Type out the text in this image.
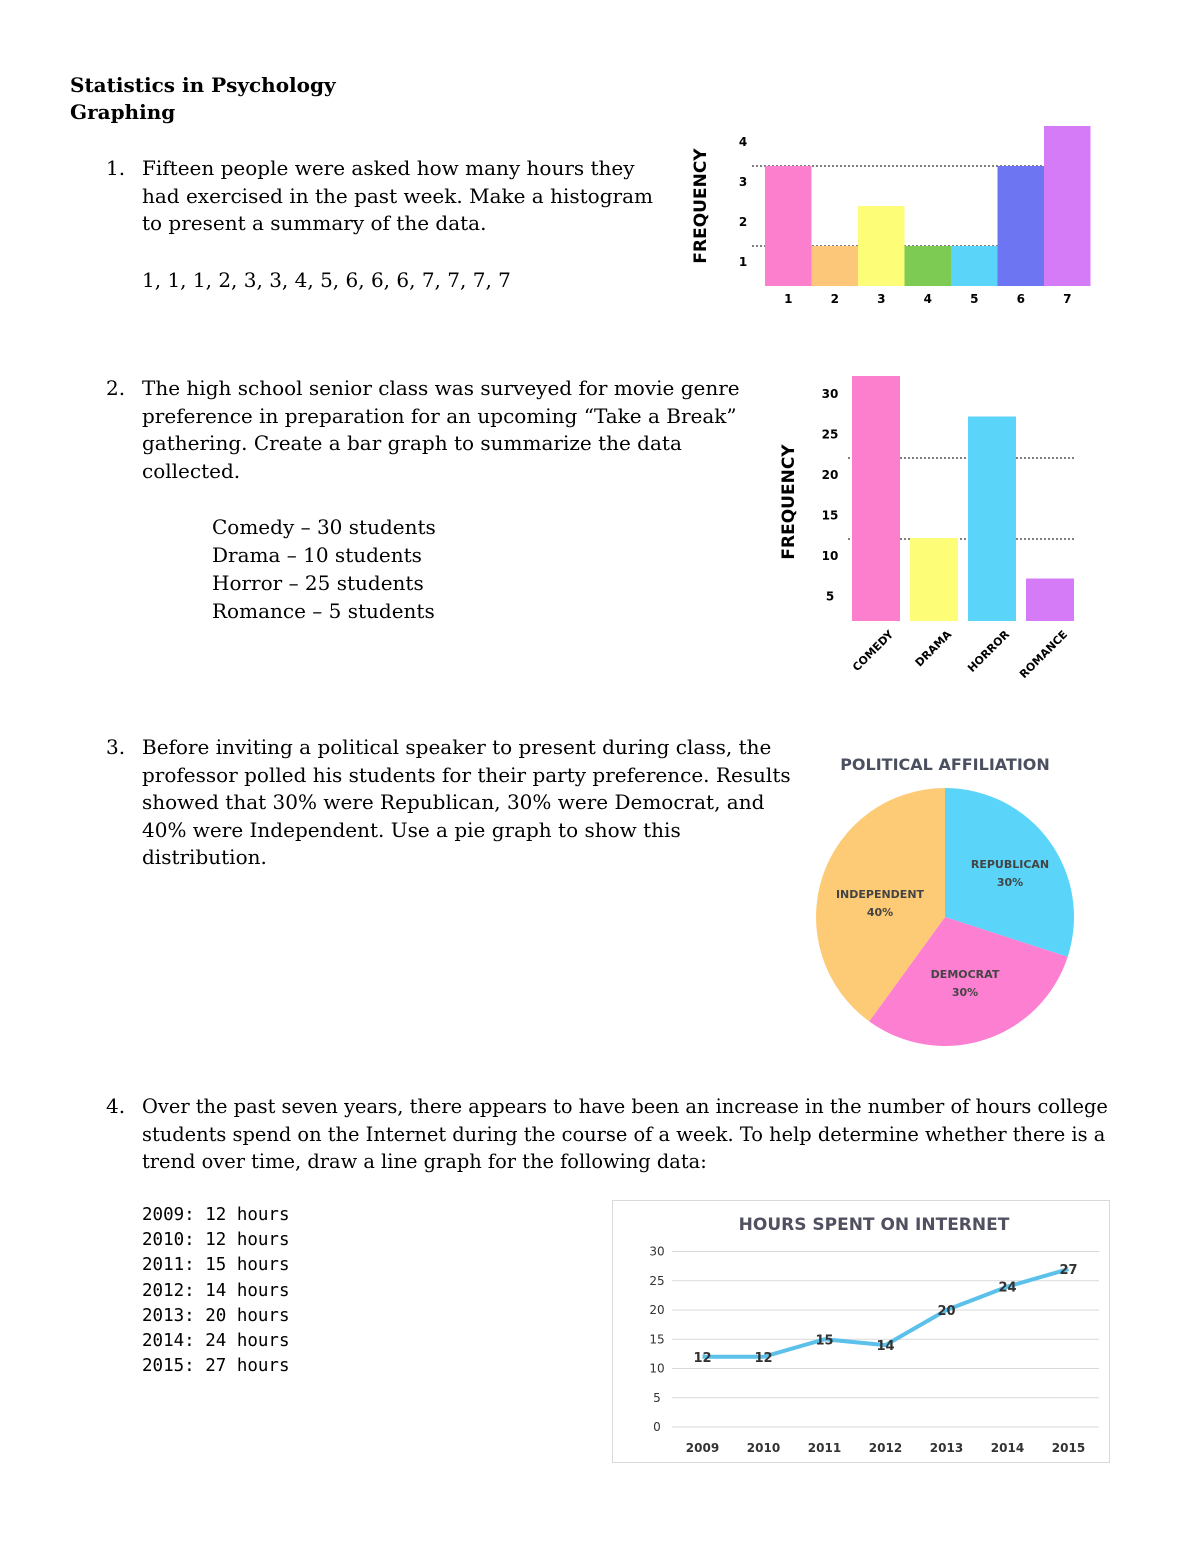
Statistics in Psychology
Graphing
1. Fifteen people were asked how many hours they
had exercised in the past week. Make a histogram
to present a summary of the data.
1, 1, 1, 2, 3, 3, 4, 5, 6, 6, 6, 7, 7, 7, 7
2. The high school senior class was surveyed for movie genre
preference in preparation for an upcoming “Take a Break”
gathering. Create a bar graph to summarize the data
collected.
Comedy – 30 students
Drama – 10 students
Horror – 25 students
Romance – 5 students
3. Before inviting a political speaker to present during class, the
professor polled his students for their party preference. Results
showed that 30% were Republican, 30% were Democrat, and
40% were Independent. Use a pie graph to show this
distribution.
4. Over the past seven years, there appears to have been an increase in the number of hours college
students spend on the Internet during the course of a week. To help determine whether there is a
trend over time, draw a line graph for the following data:
2009: 12 hours
2010: 12 hours
2011: 15 hours
2012: 14 hours
2013: 20 hours
2014: 24 hours
2015: 27 hours
1	2	3	4	5	6	7
1
2
3
4
FREQUENCY
COMEDY DRAMA HORROR ROMANCE
5
10
15
20
25
30
FREQUENCY
POLITICAL AFFILIATION
REPUBLICAN
30%
DEMOCRAT
30%
INDEPENDENT
40%
HOURS SPENT ON INTERNET
0
5
10
15
20
25
30
12
2009
12
2010
15
2011
14
2012
20
2013
24
2014
27
2015
